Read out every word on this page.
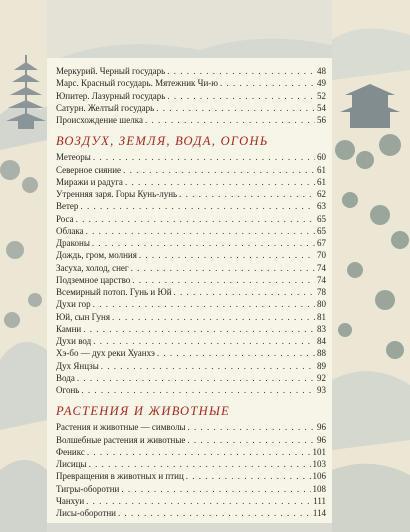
Меркурий. Черный государь . . .	48
Марс. Красный государь. Мятежник Чи-ю . . .	49
Юпитер. Лазурный государь . . .	52
Сатурн. Желтый государь . . .	54
Происхождение шелка . . .	56
ВОЗДУХ, ЗЕМЛЯ, ВОДА, ОГОНЬ
Метеоры . . .	60
Северное сияние . . .	61
Миражи и радуга . . .	61
Утренняя заря. Горы Кунь-лунь . . .	62
Ветер . . .	63
Роса . . .	65
Облака . . .	65
Драконы . . .	67
Дождь, гром, молния . . .	70
Засуха, холод, снег . . .	74
Подземное царство . . .	74
Всемирный потоп. Гунь и Юй . . .	78
Духи гор . . .	80
Юй, сын Гуня . . .	81
Камни . . .	83
Духи вод . . .	84
Хэ-бо — дух реки Хуанхэ . . .	88
Дух Янцзы . . .	89
Вода . . .	92
Огонь . . .	93
РАСТЕНИЯ И ЖИВОТНЫЕ
Растения и животные — символы . . .	96
Волшебные растения и животные . . .	96
Феникс . . .	101
Лисицы . . .	103
Превращения в животных и птиц . . .	106
Тигры-оборотни . . .	108
Чанхуи . . .	111
Лисы-оборотни . . .	114
